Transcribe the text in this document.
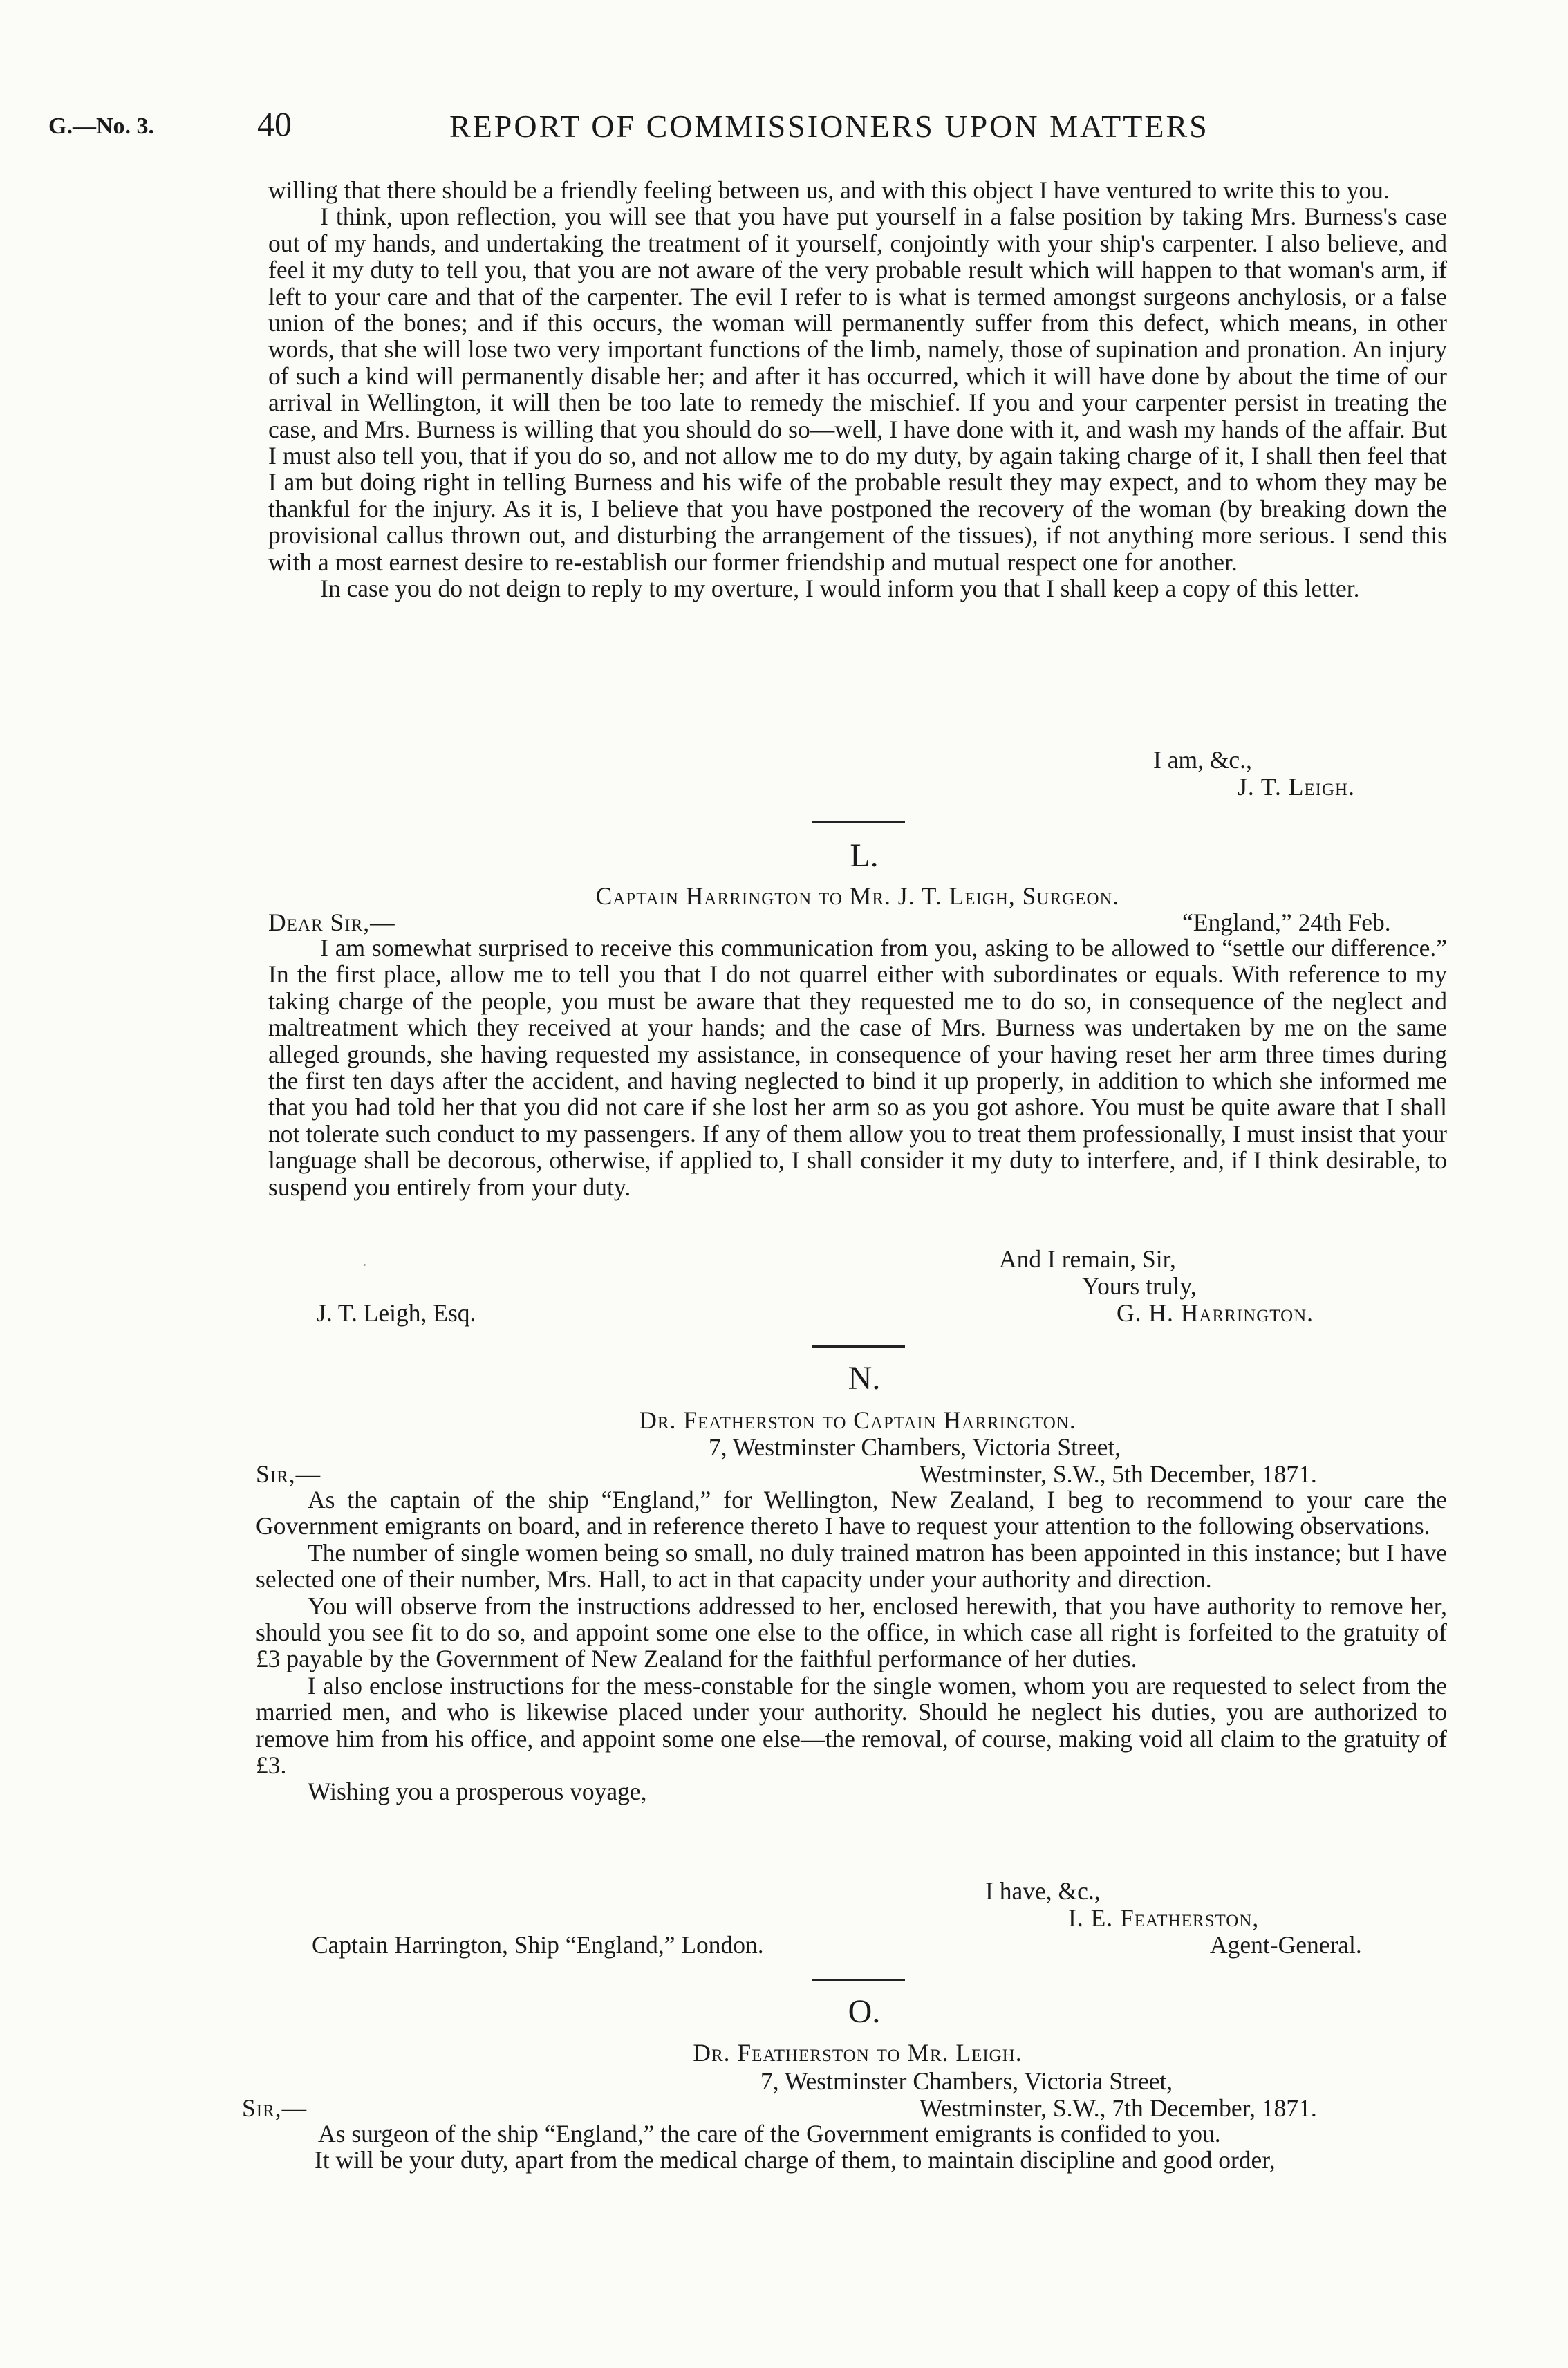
G.—No. 3.	40	REPORT OF COMMISSIONERS UPON MATTERS

willing that there should be a friendly feeling between us, and with this object I have ventured to write this to you.

I think, upon reflection, you will see that you have put yourself in a false position by taking Mrs. Burness's case out of my hands, and undertaking the treatment of it yourself, conjointly with your ship's carpenter. I also believe, and feel it my duty to tell you, that you are not aware of the very probable result which will happen to that woman's arm, if left to your care and that of the carpenter. The evil I refer to is what is termed amongst surgeons anchylosis, or a false union of the bones; and if this occurs, the woman will permanently suffer from this defect, which means, in other words, that she will lose two very important functions of the limb, namely, those of supination and pronation. An injury of such a kind will permanently disable her; and after it has occurred, which it will have done by about the time of our arrival in Wellington, it will then be too late to remedy the mischief. If you and your carpenter persist in treating the case, and Mrs. Burness is willing that you should do so—well, I have done with it, and wash my hands of the affair. But I must also tell you, that if you do so, and not allow me to do my duty, by again taking charge of it, I shall then feel that I am but doing right in telling Burness and his wife of the probable result they may expect, and to whom they may be thankful for the injury. As it is, I believe that you have postponed the recovery of the woman (by breaking down the provisional callus thrown out, and disturbing the arrangement of the tissues), if not anything more serious. I send this with a most earnest desire to re-establish our former friendship and mutual respect one for another.

In case you do not deign to reply to my overture, I would inform you that I shall keep a copy of this letter.

I am, &c.,
J. T. Leigh.
L.
Captain Harrington to Mr. J. T. Leigh, Surgeon.
Dear Sir,—	“England,” 24th Feb.

I am somewhat surprised to receive this communication from you, asking to be allowed to “settle our difference.” In the first place, allow me to tell you that I do not quarrel either with subordinates or equals. With reference to my taking charge of the people, you must be aware that they requested me to do so, in consequence of the neglect and maltreatment which they received at your hands; and the case of Mrs. Burness was undertaken by me on the same alleged grounds, she having requested my assistance, in consequence of your having reset her arm three times during the first ten days after the accident, and having neglected to bind it up properly, in addition to which she informed me that you had told her that you did not care if she lost her arm so as you got ashore. You must be quite aware that I shall not tolerate such conduct to my passengers. If any of them allow you to treat them professionally, I must insist that your language shall be decorous, otherwise, if applied to, I shall consider it my duty to interfere, and, if I think desirable, to suspend you entirely from your duty.

·	And I remain, Sir,
Yours truly,
J. T. Leigh, Esq.	G. H. Harrington.
N.
Dr. Featherston to Captain Harrington.
7, Westminster Chambers, Victoria Street,
Sir,—	Westminster, S.W., 5th December, 1871.

As the captain of the ship “England,” for Wellington, New Zealand, I beg to recommend to your care the Government emigrants on board, and in reference thereto I have to request your attention to the following observations.

The number of single women being so small, no duly trained matron has been appointed in this instance; but I have selected one of their number, Mrs. Hall, to act in that capacity under your authority and direction.

You will observe from the instructions addressed to her, enclosed herewith, that you have authority to remove her, should you see fit to do so, and appoint some one else to the office, in which case all right is forfeited to the gratuity of £3 payable by the Government of New Zealand for the faithful performance of her duties.

I also enclose instructions for the mess-constable for the single women, whom you are requested to select from the married men, and who is likewise placed under your authority. Should he neglect his duties, you are authorized to remove him from his office, and appoint some one else—the removal, of course, making void all claim to the gratuity of £3.

Wishing you a prosperous voyage,

I have, &c.,
I. E. Featherston,
Captain Harrington, Ship “England,” London.	Agent-General.
O.
Dr. Featherston to Mr. Leigh.
7, Westminster Chambers, Victoria Street,
Sir,—	Westminster, S.W., 7th December, 1871.

As surgeon of the ship “England,” the care of the Government emigrants is confided to you.

It will be your duty, apart from the medical charge of them, to maintain discipline and good order,
